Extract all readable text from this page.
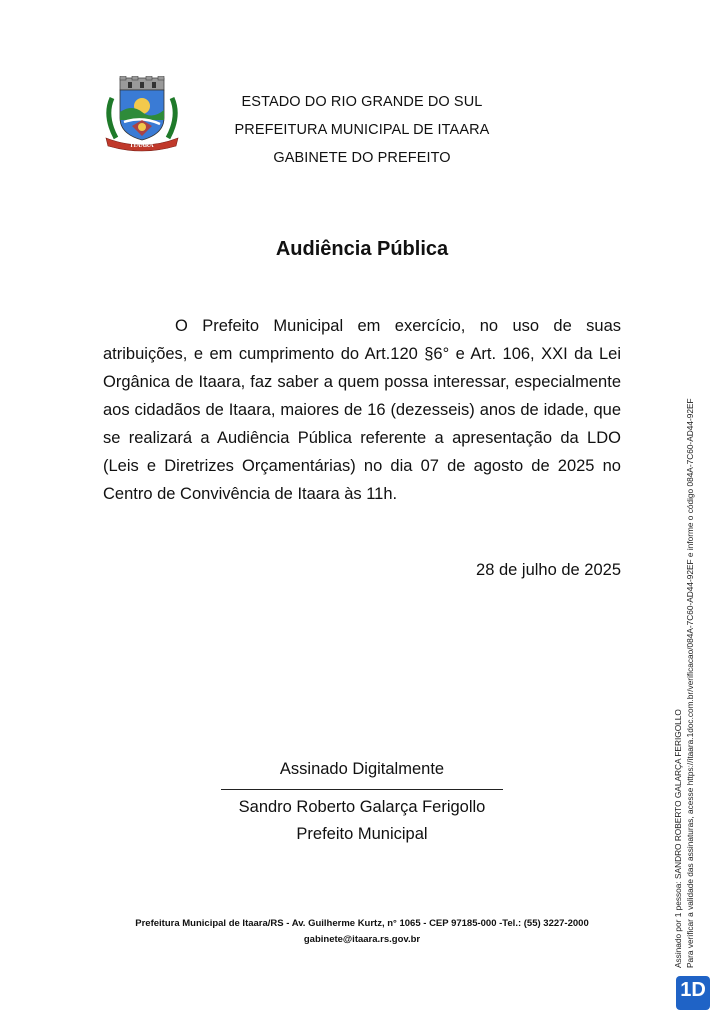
ITAARA
ESTADO DO RIO GRANDE DO SUL
PREFEITURA MUNICIPAL DE ITAARA
GABINETE DO PREFEITO
Audiência Pública

O Prefeito Municipal em exercício, no uso de suas atribuições, e em cumprimento do Art.120 §6° e Art. 106, XXI da Lei Orgânica de Itaara, faz saber a quem possa interessar, especialmente aos cidadãos de Itaara, maiores de 16 (dezesseis) anos de idade, que se realizará a Audiência Pública referente a apresentação da LDO (Leis e Diretrizes Orçamentárias) no dia 07 de agosto de 2025 no Centro de Convivência de Itaara às 11h.

28 de julho de 2025
Assinado Digitalmente
Sandro Roberto Galarça Ferigollo
Prefeito Municipal
Prefeitura Municipal de Itaara/RS - Av. Guilherme Kurtz, n° 1065 - CEP 97185-000 -Tel.: (55) 3227-2000
gabinete@itaara.rs.gov.br	Assinado por 1 pessoa: SANDRO ROBERTO GALARÇA FERIGOLLO Para verificar a validade das assinaturas, acesse https://itaara.1doc.com.br/verificacao/084A-7C60-AD44-92EF e informe o código 084A-7C60-AD44-92EF
1D
